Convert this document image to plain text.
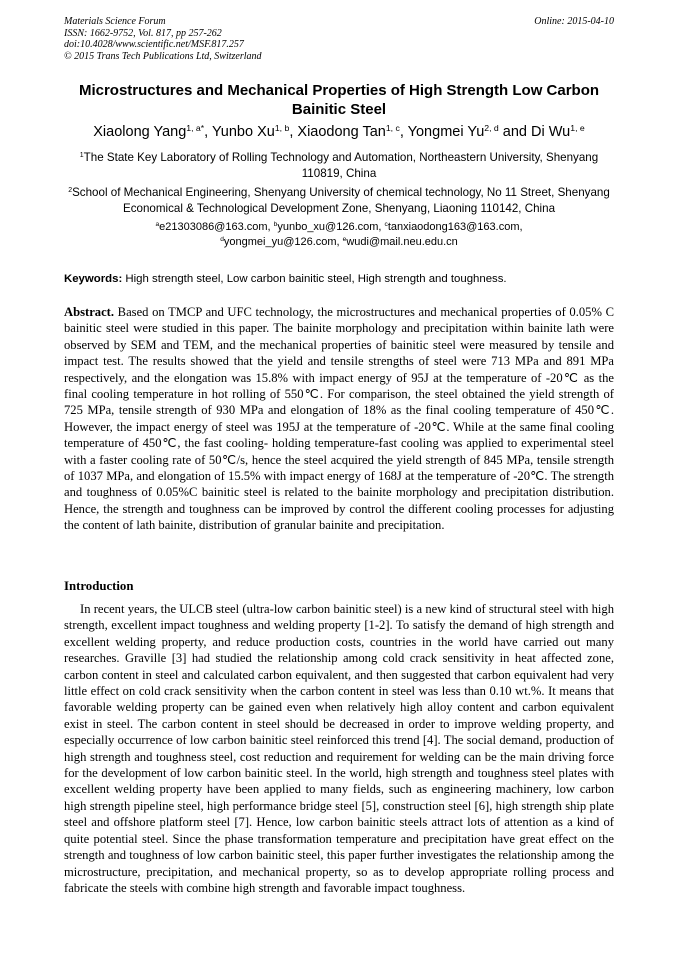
Materials Science Forum
ISSN: 1662-9752, Vol. 817, pp 257-262
doi:10.4028/www.scientific.net/MSF.817.257
© 2015 Trans Tech Publications Ltd, Switzerland
Online: 2015-04-10
Microstructures and Mechanical Properties of High Strength Low Carbon Bainitic Steel
Xiaolong Yang$^{1, a*}$, Yunbo Xu$^{1, b}$, Xiaodong Tan$^{1, c}$, Yongmei Yu$^{2, d}$ and Di Wu$^{1, e}$
$^1$The State Key Laboratory of Rolling Technology and Automation, Northeastern University, Shenyang 110819, China
$^2$School of Mechanical Engineering, Shenyang University of chemical technology, No 11 Street, Shenyang Economical & Technological Development Zone, Shenyang, Liaoning 110142, China
$^a$e21303086@163.com, $^b$yunbo_xu@126.com, $^c$tanxiaodong163@163.com,
$^d$yongmei_yu@126.com, $^e$wudi@mail.neu.edu.cn
Keywords: High strength steel, Low carbon bainitic steel, High strength and toughness.
Abstract. Based on TMCP and UFC technology, the microstructures and mechanical properties of 0.05% C bainitic steel were studied in this paper. The bainite morphology and precipitation within bainite lath were observed by SEM and TEM, and the mechanical properties of bainitic steel were measured by tensile and impact test. The results showed that the yield and tensile strengths of steel were 713 MPa and 891 MPa respectively, and the elongation was 15.8% with impact energy of 95J at the temperature of -20℃ as the final cooling temperature in hot rolling of 550℃. For comparison, the steel obtained the yield strength of 725 MPa, tensile strength of 930 MPa and elongation of 18% as the final cooling temperature of 450℃. However, the impact energy of steel was 195J at the temperature of -20℃. While at the same final cooling temperature of 450℃, the fast cooling- holding temperature-fast cooling was applied to experimental steel with a faster cooling rate of 50℃/s, hence the steel acquired the yield strength of 845 MPa, tensile strength of 1037 MPa, and elongation of 15.5% with impact energy of 168J at the temperature of -20℃. The strength and toughness of 0.05%C bainitic steel is related to the bainite morphology and precipitation distribution. Hence, the strength and toughness can be improved by control the different cooling processes for adjusting the content of lath bainite, distribution of granular bainite and precipitation.
Introduction
In recent years, the ULCB steel (ultra-low carbon bainitic steel) is a new kind of structural steel with high strength, excellent impact toughness and welding property [1-2]. To satisfy the demand of high strength and excellent welding property, and reduce production costs, countries in the world have carried out many researches. Graville [3] had studied the relationship among cold crack sensitivity in heat affected zone, carbon content in steel and calculated carbon equivalent, and then suggested that carbon equivalent had very little effect on cold crack sensitivity when the carbon content in steel was less than 0.10 wt.%. It means that favorable welding property can be gained even when relatively high alloy content and carbon equivalent exist in steel. The carbon content in steel should be decreased in order to improve welding property, and especially occurrence of low carbon bainitic steel reinforced this trend [4]. The social demand, production of high strength and toughness steel, cost reduction and requirement for welding can be the main driving force for the development of low carbon bainitic steel. In the world, high strength and toughness steel plates with excellent welding property have been applied to many fields, such as engineering machinery, low carbon high strength pipeline steel, high performance bridge steel [5], construction steel [6], high strength ship plate steel and offshore platform steel [7]. Hence, low carbon bainitic steels attract lots of attention as a kind of quite potential steel. Since the phase transformation temperature and precipitation have great effect on the strength and toughness of low carbon bainitic steel, this paper further investigates the relationship among the microstructure, precipitation, and mechanical property, so as to develop appropriate rolling process and fabricate the steels with combine high strength and favorable impact toughness.
